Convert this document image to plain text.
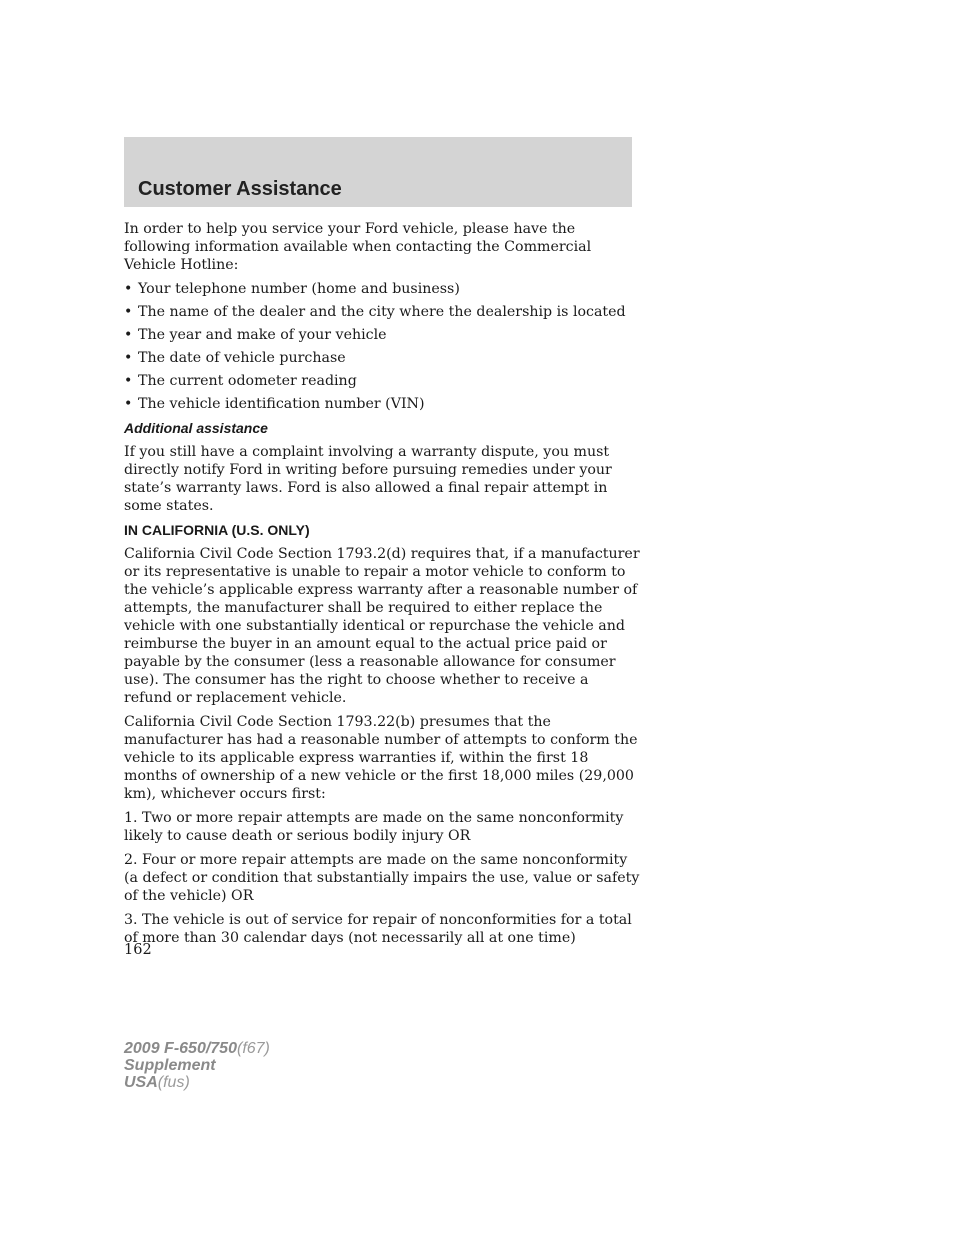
Customer Assistance

In order to help you service your Ford vehicle, please have the following information available when contacting the Commercial Vehicle Hotline:

• Your telephone number (home and business)
• The name of the dealer and the city where the dealership is located
• The year and make of your vehicle
• The date of vehicle purchase
• The current odometer reading
• The vehicle identification number (VIN)
Additional assistance

If you still have a complaint involving a warranty dispute, you must directly notify Ford in writing before pursuing remedies under your state’s warranty laws. Ford is also allowed a final repair attempt in some states.

IN CALIFORNIA (U.S. ONLY)

California Civil Code Section 1793.2(d) requires that, if a manufacturer or its representative is unable to repair a motor vehicle to conform to the vehicle’s applicable express warranty after a reasonable number of attempts, the manufacturer shall be required to either replace the vehicle with one substantially identical or repurchase the vehicle and reimburse the buyer in an amount equal to the actual price paid or payable by the consumer (less a reasonable allowance for consumer use). The consumer has the right to choose whether to receive a refund or replacement vehicle.

California Civil Code Section 1793.22(b) presumes that the manufacturer has had a reasonable number of attempts to conform the vehicle to its applicable express warranties if, within the first 18 months of ownership of a new vehicle or the first 18,000 miles (29,000 km), whichever occurs first:

1. Two or more repair attempts are made on the same nonconformity likely to cause death or serious bodily injury OR

2. Four or more repair attempts are made on the same nonconformity (a defect or condition that substantially impairs the use, value or safety of the vehicle) OR

3. The vehicle is out of service for repair of nonconformities for a total of more than 30 calendar days (not necessarily all at one time)

162
2009 F-650/750(f67)
Supplement
USA(fus)
